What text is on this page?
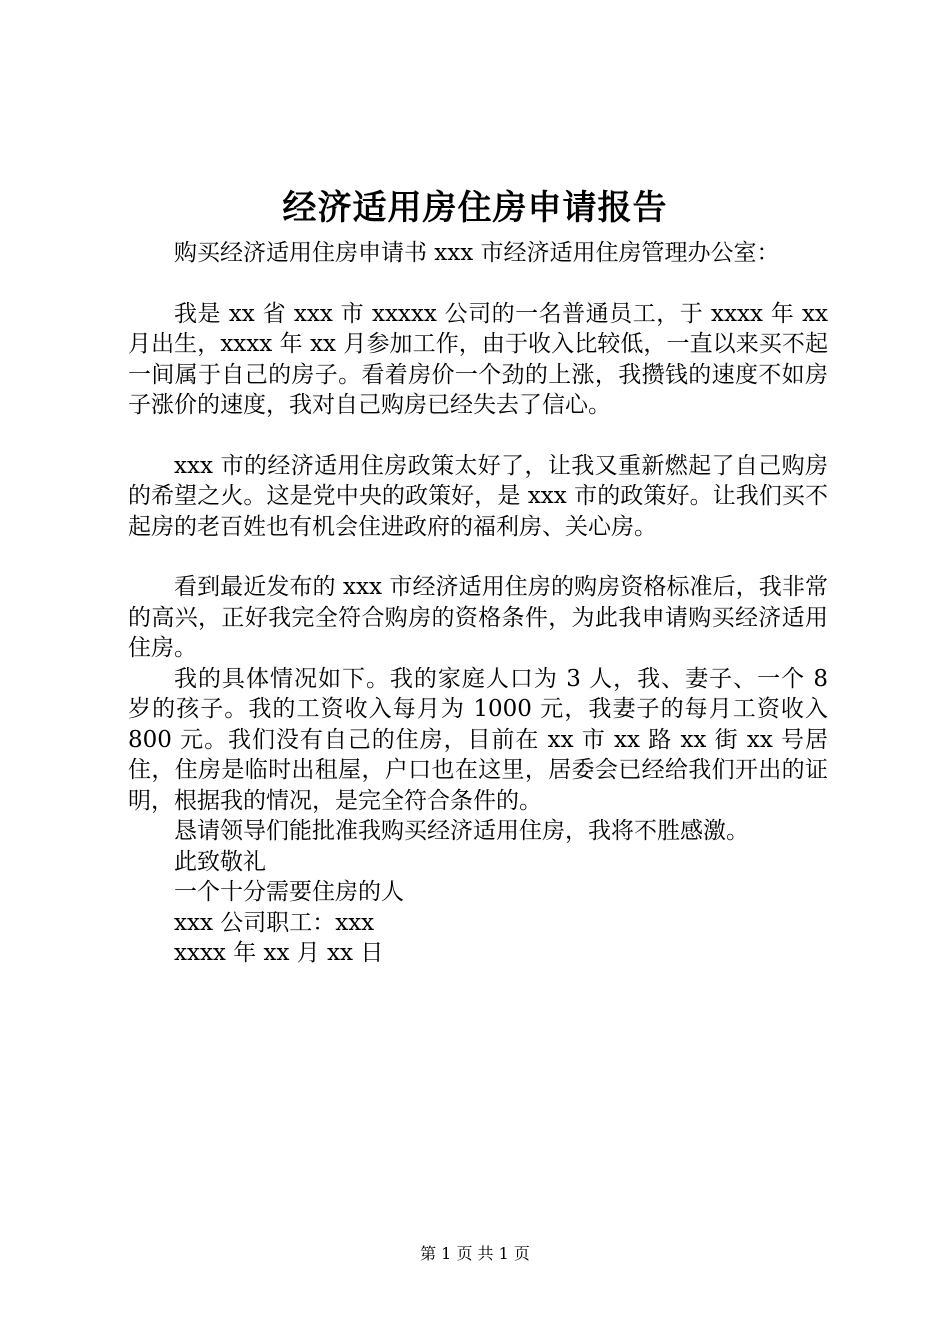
经济适用房住房申请报告

购买经济适用住房申请书 xxx 市经济适用住房管理办公室：

我是 xx 省 xxx 市 xxxxx 公司的一名普通员工，于 xxxx 年 xx 月出生，xxxx 年 xx 月参加工作，由于收入比较低，一直以来买不起一间属于自己的房子。看着房价一个劲的上涨，我攒钱的速度不如房子涨价的速度，我对自己购房已经失去了信心。

xxx 市的经济适用住房政策太好了，让我又重新燃起了自己购房的希望之火。这是党中央的政策好，是 xxx 市的政策好。让我们买不起房的老百姓也有机会住进政府的福利房、关心房。

看到最近发布的 xxx 市经济适用住房的购房资格标准后，我非常的高兴，正好我完全符合购房的资格条件，为此我申请购买经济适用住房。

我的具体情况如下。我的家庭人口为 3 人，我、妻子、一个 8 岁的孩子。我的工资收入每月为 1000 元，我妻子的每月工资收入 800 元。我们没有自己的住房，目前在 xx 市 xx 路 xx 街 xx 号居住，住房是临时出租屋，户口也在这里，居委会已经给我们开出的证明，根据我的情况，是完全符合条件的。

恳请领导们能批准我购买经济适用住房，我将不胜感激。

此致敬礼

一个十分需要住房的人

xxx 公司职工：xxx

xxxx 年 xx 月 xx 日

第 1 页 共 1 页
